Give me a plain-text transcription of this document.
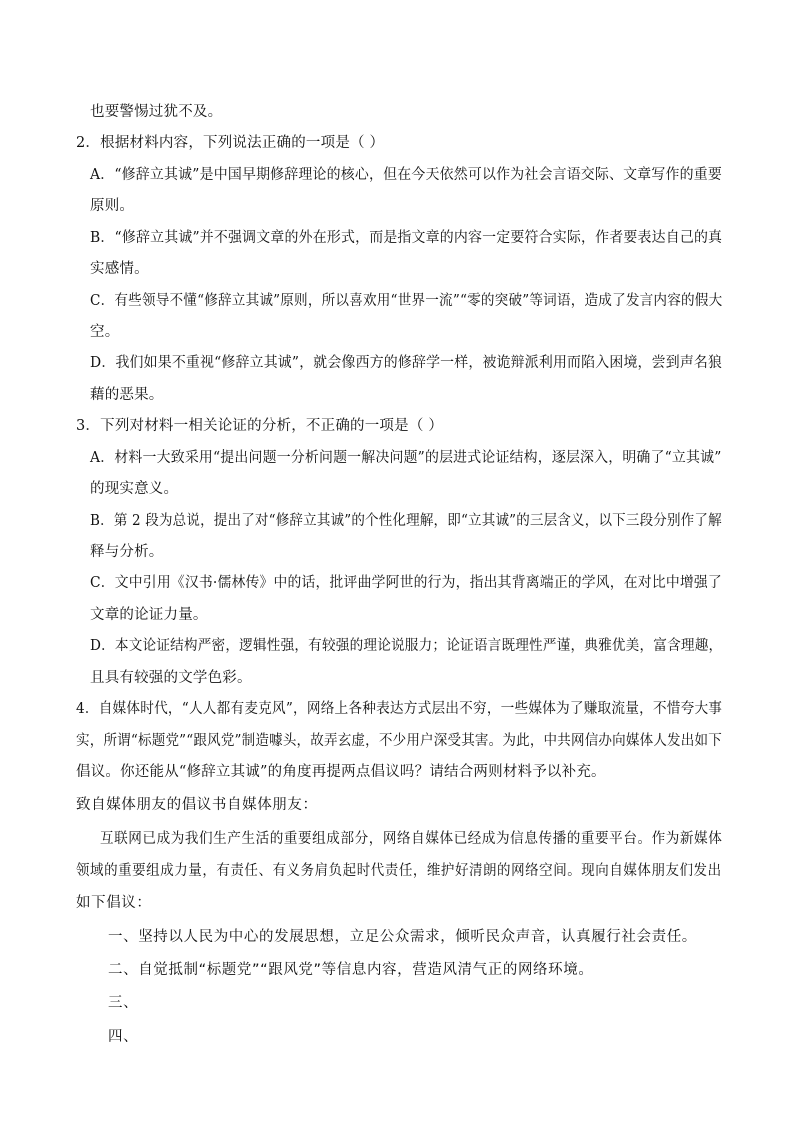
也要警惕过犹不及。
2．根据材料内容，下列说法正确的一项是（ ）
A．“修辞立其诚”是中国早期修辞理论的核心，但在今天依然可以作为社会言语交际、文章写作的重要
原则。
B．“修辞立其诚”并不强调文章的外在形式，而是指文章的内容一定要符合实际，作者要表达自己的真
实感情。
C．有些领导不懂“修辞立其诚”原则，所以喜欢用“世界一流”“零的突破”等词语，造成了发言内容的假大
空。
D．我们如果不重视“修辞立其诚”，就会像西方的修辞学一样，被诡辩派利用而陷入困境，尝到声名狼
藉的恶果。
3．下列对材料一相关论证的分析，不正确的一项是（ ）
A．材料一大致采用“提出问题一分析问题一解决问题”的层进式论证结构，逐层深入，明确了“立其诚”
的现实意义。
B．第 2 段为总说，提出了对“修辞立其诚”的个性化理解，即“立其诚”的三层含义，以下三段分别作了解
释与分析。
C．文中引用《汉书·儒林传》中的话，批评曲学阿世的行为，指出其背离端正的学风，在对比中增强了
文章的论证力量。
D．本文论证结构严密，逻辑性强，有较强的理论说服力；论证语言既理性严谨，典雅优美，富含理趣，
且具有较强的文学色彩。
4．自媒体时代，“人人都有麦克风”，网络上各种表达方式层出不穷，一些媒体为了赚取流量，不惜夸大事
实，所谓“标题党”“跟风党”制造噱头，故弄玄虚，不少用户深受其害。为此，中共网信办向媒体人发出如下
倡议。你还能从“修辞立其诚”的角度再提两点倡议吗？请结合两则材料予以补充。
致自媒体朋友的倡议书自媒体朋友：
互联网已成为我们生产生活的重要组成部分，网络自媒体已经成为信息传播的重要平台。作为新媒体
领域的重要组成力量，有责任、有义务肩负起时代责任，维护好清朗的网络空间。现向自媒体朋友们发出
如下倡议：
一、坚持以人民为中心的发展思想，立足公众需求，倾听民众声音，认真履行社会责任。
二、自觉抵制“标题党”“跟风党”等信息内容，营造风清气正的网络环境。
三、
四、
